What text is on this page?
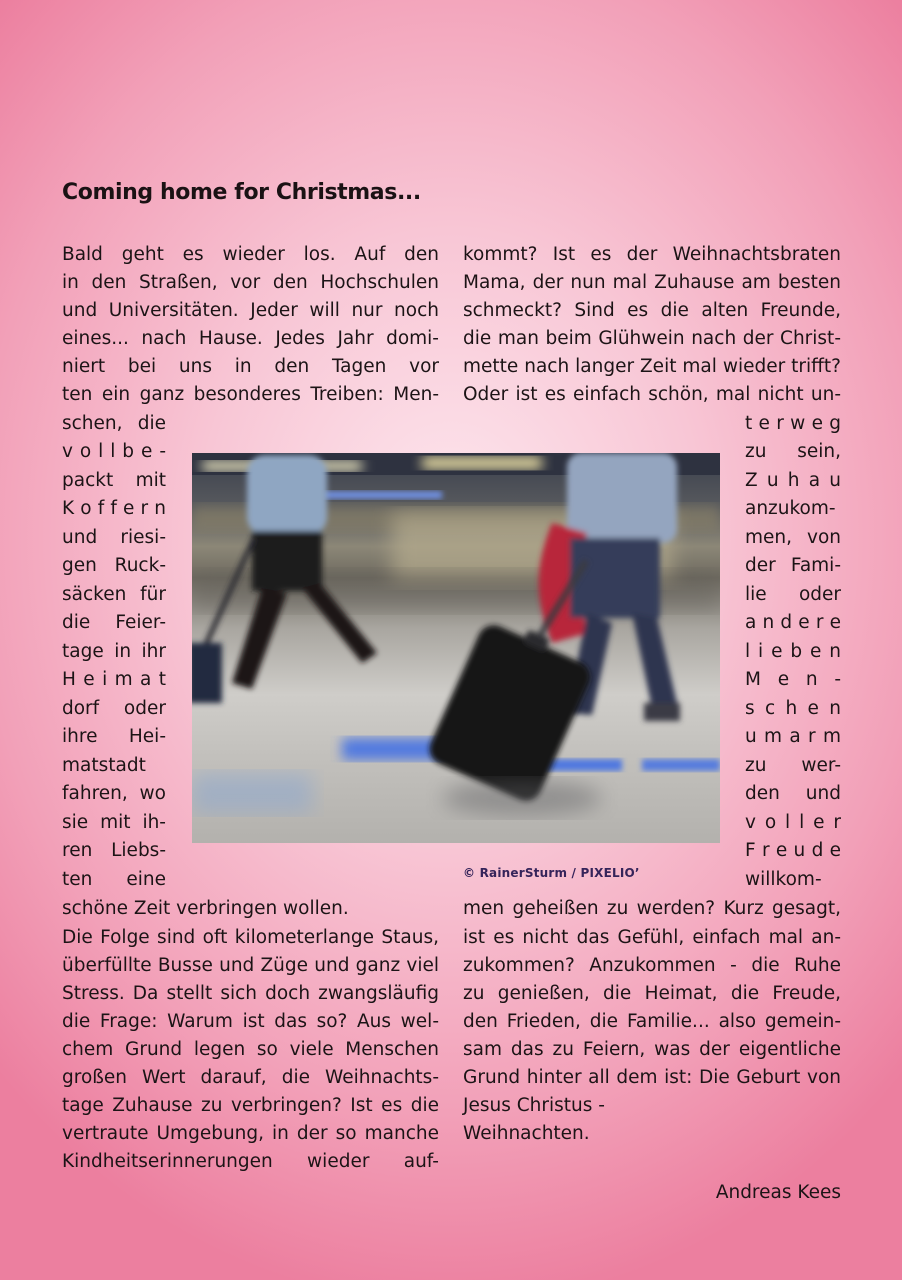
Coming home for Christmas...
Bald geht es wieder los. Auf den
in den Straßen, vor den Hochschulen
und Universitäten. Jeder will nur noch
eines... nach Hause. Jedes Jahr domi-
niert bei uns in den Tagen vor
ten ein ganz besonderes Treiben: Men-
schen, die
v o l l b e -
packt mit
K o f f e r n
und riesi-
gen Ruck-
säcken für
die Feier-
tage in ihr
H e i m a t
dorf oder
ihre Hei-
matstadt
fahren, wo
sie mit ih-
ren Liebs-
ten eine
schöne Zeit verbringen wollen.
Die Folge sind oft kilometerlange Staus,
überfüllte Busse und Züge und ganz viel
Stress. Da stellt sich doch zwangsläufig
die Frage: Warum ist das so? Aus wel-
chem Grund legen so viele Menschen
großen Wert darauf, die Weihnachts-
tage Zuhause zu verbringen? Ist es die
vertraute Umgebung, in der so manche
Kindheitserinnerungen wieder auf-
kommt? Ist es der Weihnachtsbraten
Mama, der nun mal Zuhause am besten
schmeckt? Sind es die alten Freunde,
die man beim Glühwein nach der Christ-
mette nach langer Zeit mal wieder trifft?
Oder ist es einfach schön, mal nicht un-
t e r w e g
zu sein,
Z u h a u
anzukom-
men, von
der Fami-
lie oder
a n d e r e
l i e b e n
M e n -
s c h e n
u m a r m
zu wer-
den und
v o l l e r
F r e u d e
willkom-
men geheißen zu werden? Kurz gesagt,
ist es nicht das Gefühl, einfach mal an-
zukommen? Anzukommen - die Ruhe
zu genießen, die Heimat, die Freude,
den Frieden, die Familie... also gemein-
sam das zu Feiern, was der eigentliche
Grund hinter all dem ist: Die Geburt von
Jesus Christus -
Weihnachten.
© RainerSturm / PIXELIO’
Andreas Kees
